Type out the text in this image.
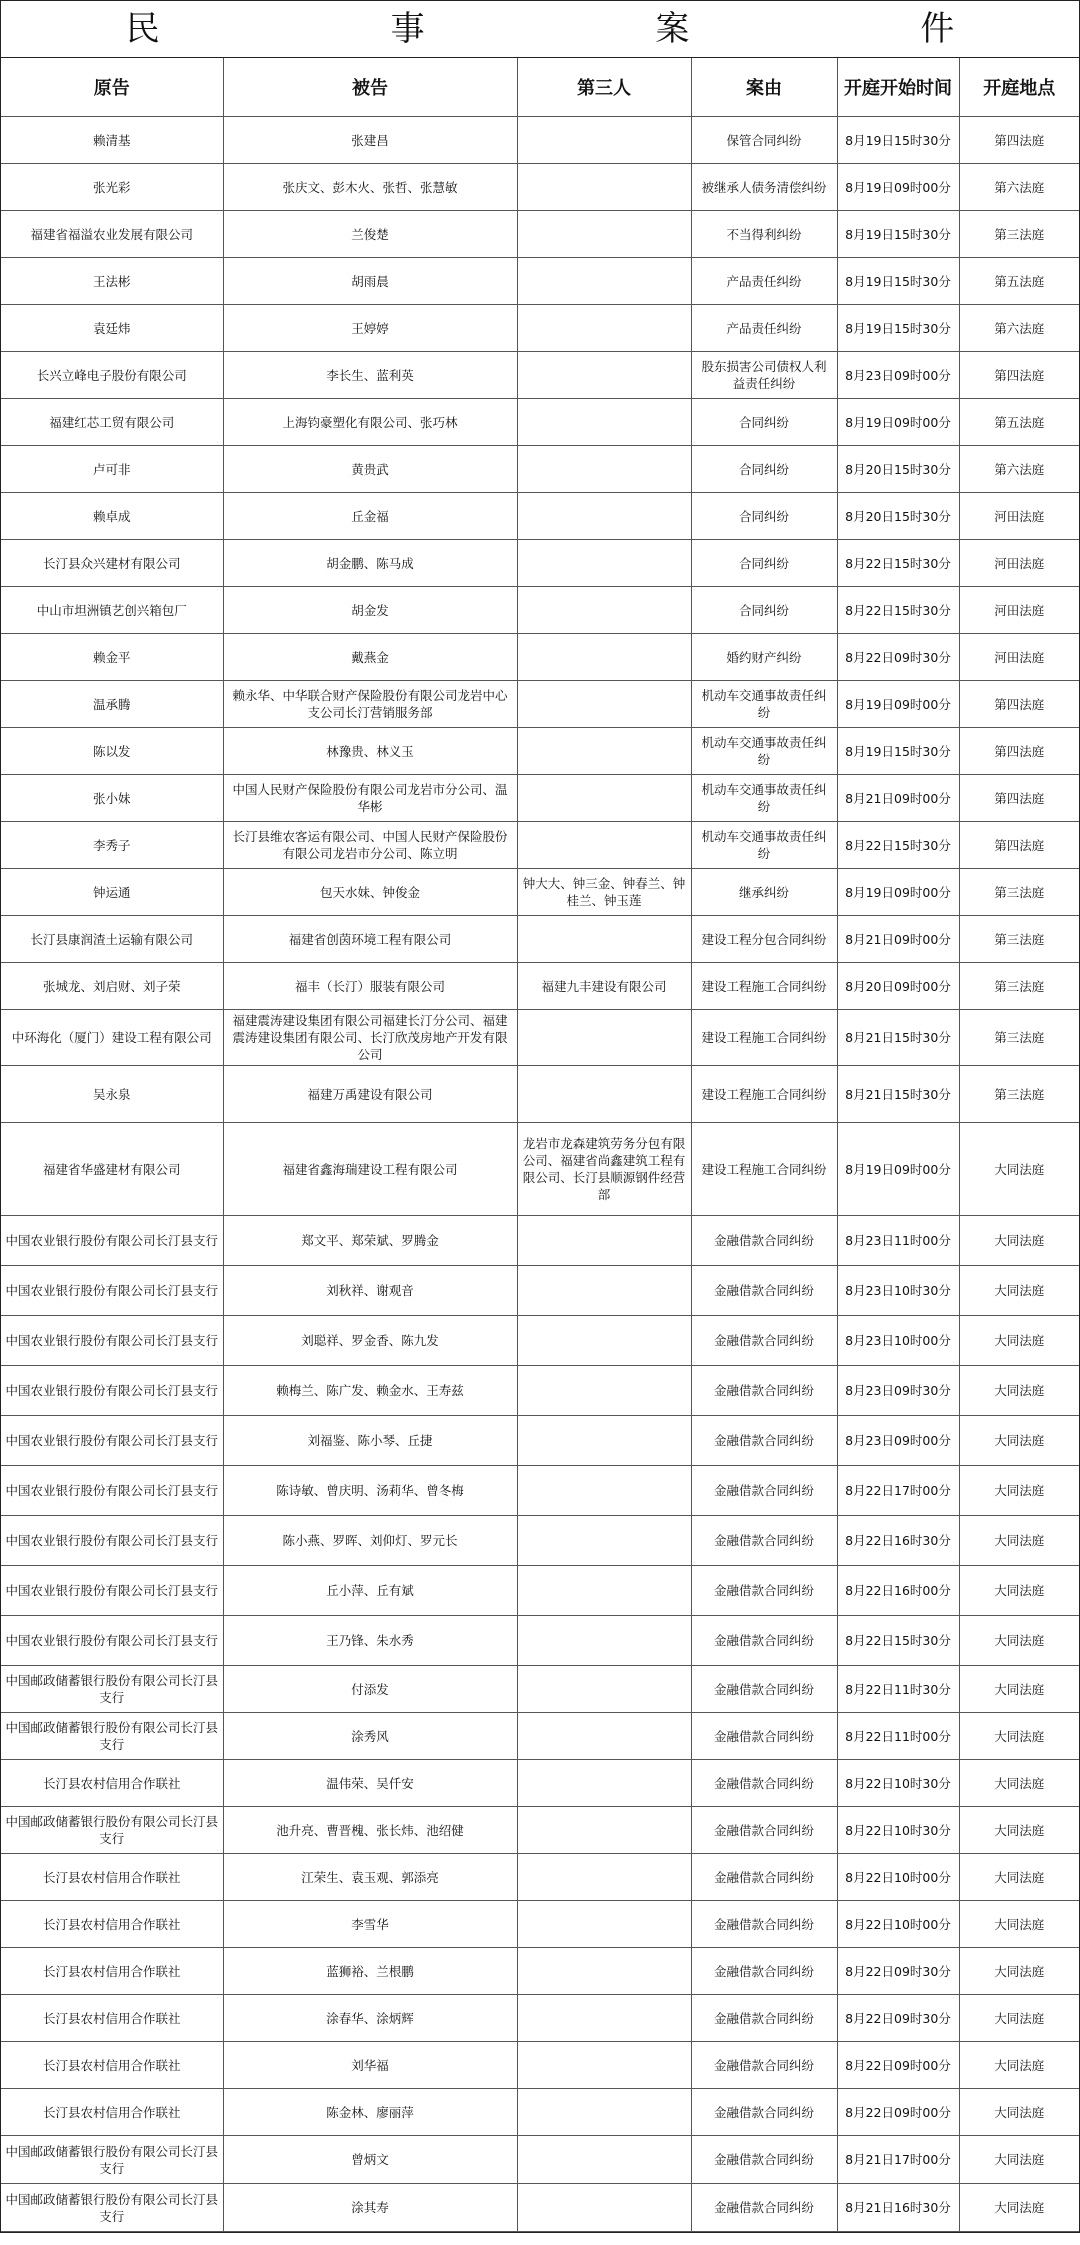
民 事 案 件
原告	被告	第三人	案由	开庭开始时间	开庭地点
赖清基	张建昌		保管合同纠纷	8月19日15时30分	第四法庭
张光彩	张庆文、彭木火、张哲、张慧敏		被继承人债务清偿纠纷	8月19日09时00分	第六法庭
福建省福溢农业发展有限公司	兰俊楚		不当得利纠纷	8月19日15时30分	第三法庭
王法彬	胡雨晨		产品责任纠纷	8月19日15时30分	第五法庭
袁廷炜	王婷婷		产品责任纠纷	8月19日15时30分	第六法庭
长兴立峰电子股份有限公司	李长生、蓝利英		股东损害公司债权人利益责任纠纷	8月23日09时00分	第四法庭
福建红芯工贸有限公司	上海钧豪塑化有限公司、张巧林		合同纠纷	8月19日09时00分	第五法庭
卢可非	黄贵武		合同纠纷	8月20日15时30分	第六法庭
赖卓成	丘金福		合同纠纷	8月20日15时30分	河田法庭
长汀县众兴建材有限公司	胡金鹏、陈马成		合同纠纷	8月22日15时30分	河田法庭
中山市坦洲镇艺创兴箱包厂	胡金发		合同纠纷	8月22日15时30分	河田法庭
赖金平	戴燕金		婚约财产纠纷	8月22日09时30分	河田法庭
温承腾	赖永华、中华联合财产保险股份有限公司龙岩中心支公司长汀营销服务部		机动车交通事故责任纠纷	8月19日09时00分	第四法庭
陈以发	林豫贵、林义玉		机动车交通事故责任纠纷	8月19日15时30分	第四法庭
张小妹	中国人民财产保险股份有限公司龙岩市分公司、温华彬		机动车交通事故责任纠纷	8月21日09时00分	第四法庭
李秀子	长汀县维农客运有限公司、中国人民财产保险股份有限公司龙岩市分公司、陈立明		机动车交通事故责任纠纷	8月22日15时30分	第四法庭
钟运通	包天水妹、钟俊金	钟大大、钟三金、钟春兰、钟桂兰、钟玉莲	继承纠纷	8月19日09时00分	第三法庭
长汀县康润渣土运输有限公司	福建省创茵环境工程有限公司		建设工程分包合同纠纷	8月21日09时00分	第三法庭
张城龙、刘启财、刘子荣	福丰（长汀）服装有限公司	福建九丰建设有限公司	建设工程施工合同纠纷	8月20日09时00分	第三法庭
中环海化（厦门）建设工程有限公司	福建震涛建设集团有限公司福建长汀分公司、福建震涛建设集团有限公司、长汀欣茂房地产开发有限公司		建设工程施工合同纠纷	8月21日15时30分	第三法庭
吴永泉	福建万禹建设有限公司		建设工程施工合同纠纷	8月21日15时30分	第三法庭
福建省华盛建材有限公司	福建省鑫海瑞建设工程有限公司	龙岩市龙森建筑劳务分包有限公司、福建省尚鑫建筑工程有限公司、长汀县顺源钢件经营部	建设工程施工合同纠纷	8月19日09时00分	大同法庭
中国农业银行股份有限公司长汀县支行	郑文平、郑荣斌、罗腾金		金融借款合同纠纷	8月23日11时00分	大同法庭
中国农业银行股份有限公司长汀县支行	刘秋祥、谢观音		金融借款合同纠纷	8月23日10时30分	大同法庭
中国农业银行股份有限公司长汀县支行	刘聪祥、罗金香、陈九发		金融借款合同纠纷	8月23日10时00分	大同法庭
中国农业银行股份有限公司长汀县支行	赖梅兰、陈广发、赖金水、王寿兹		金融借款合同纠纷	8月23日09时30分	大同法庭
中国农业银行股份有限公司长汀县支行	刘福鉴、陈小琴、丘捷		金融借款合同纠纷	8月23日09时00分	大同法庭
中国农业银行股份有限公司长汀县支行	陈诗敏、曾庆明、汤莉华、曾冬梅		金融借款合同纠纷	8月22日17时00分	大同法庭
中国农业银行股份有限公司长汀县支行	陈小燕、罗晖、刘仰灯、罗元长		金融借款合同纠纷	8月22日16时30分	大同法庭
中国农业银行股份有限公司长汀县支行	丘小萍、丘有斌		金融借款合同纠纷	8月22日16时00分	大同法庭
中国农业银行股份有限公司长汀县支行	王乃锋、朱水秀		金融借款合同纠纷	8月22日15时30分	大同法庭
中国邮政储蓄银行股份有限公司长汀县支行	付添发		金融借款合同纠纷	8月22日11时30分	大同法庭
中国邮政储蓄银行股份有限公司长汀县支行	涂秀风		金融借款合同纠纷	8月22日11时00分	大同法庭
长汀县农村信用合作联社	温伟荣、吴仟安		金融借款合同纠纷	8月22日10时30分	大同法庭
中国邮政储蓄银行股份有限公司长汀县支行	池升亮、曹晋槐、张长炜、池绍健		金融借款合同纠纷	8月22日10时30分	大同法庭
长汀县农村信用合作联社	江荣生、袁玉观、郭添亮		金融借款合同纠纷	8月22日10时00分	大同法庭
长汀县农村信用合作联社	李雪华		金融借款合同纠纷	8月22日10时00分	大同法庭
长汀县农村信用合作联社	蓝狮裕、兰根鹏		金融借款合同纠纷	8月22日09时30分	大同法庭
长汀县农村信用合作联社	涂春华、涂炳辉		金融借款合同纠纷	8月22日09时30分	大同法庭
长汀县农村信用合作联社	刘华福		金融借款合同纠纷	8月22日09时00分	大同法庭
长汀县农村信用合作联社	陈金林、廖丽萍		金融借款合同纠纷	8月22日09时00分	大同法庭
中国邮政储蓄银行股份有限公司长汀县支行	曾炳文		金融借款合同纠纷	8月21日17时00分	大同法庭
中国邮政储蓄银行股份有限公司长汀县支行	涂其寿		金融借款合同纠纷	8月21日16时30分	大同法庭
